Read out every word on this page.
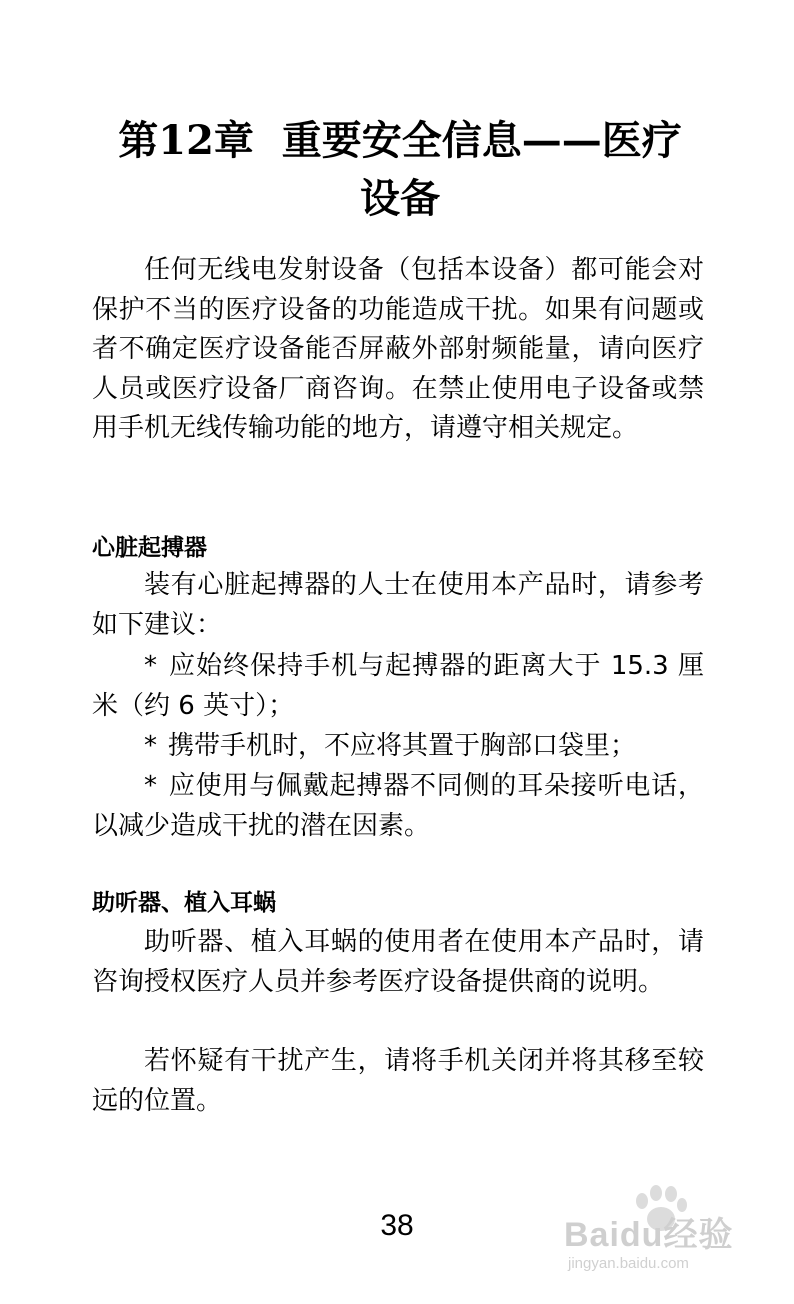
第12章  重要安全信息——医疗
设备

任何无线电发射设备（包括本设备）都可能会对保护不当的医疗设备的功能造成干扰。如果有问题或者不确定医疗设备能否屏蔽外部射频能量，请向医疗人员或医疗设备厂商咨询。在禁止使用电子设备或禁用手机无线传输功能的地方，请遵守相关规定。

心脏起搏器

装有心脏起搏器的人士在使用本产品时，请参考如下建议：

* 应始终保持手机与起搏器的距离大于 15.3 厘米（约 6 英寸）；

* 携带手机时，不应将其置于胸部口袋里；

* 应使用与佩戴起搏器不同侧的耳朵接听电话，以减少造成干扰的潜在因素。

助听器、植入耳蜗

助听器、植入耳蜗的使用者在使用本产品时，请咨询授权医疗人员并参考医疗设备提供商的说明。

若怀疑有干扰产生，请将手机关闭并将其移至较远的位置。

38	Baidu经验
jingyan.baidu.com
